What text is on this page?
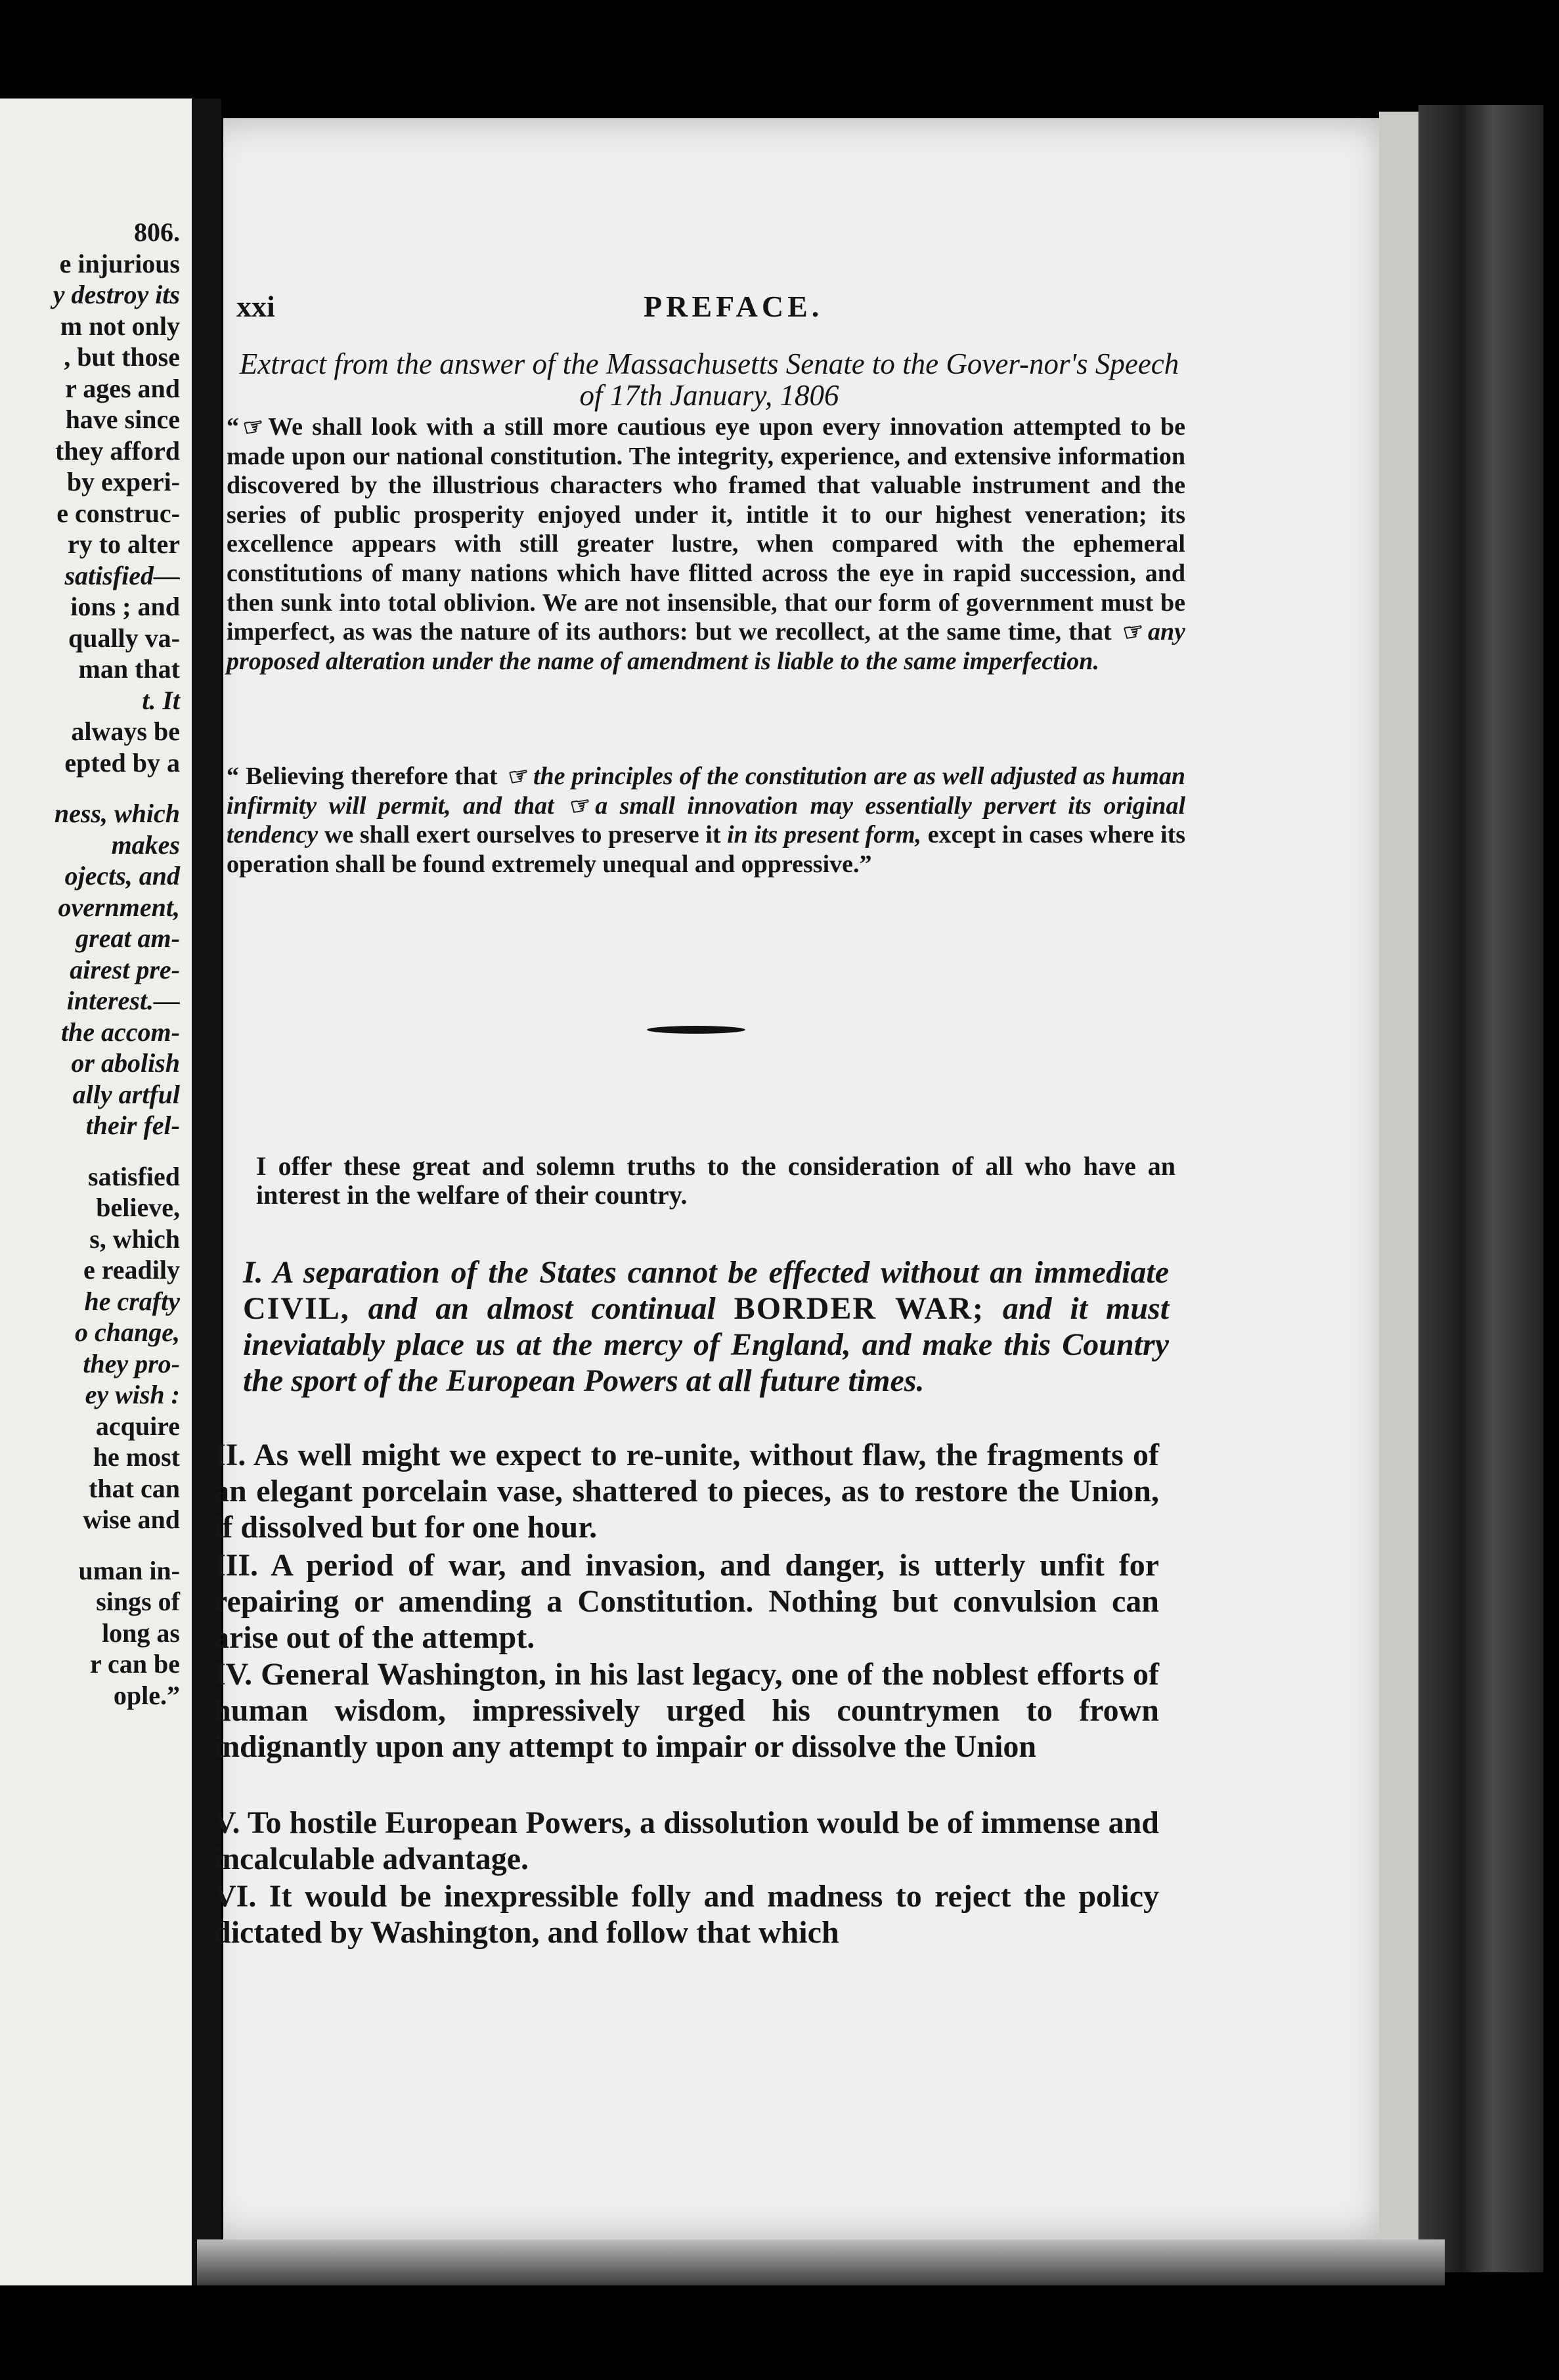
806.
e injurious
y destroy its
m not only
, but those
r ages and
have since
they afford
by experi-
e construc-
ry to alter
satisfied—
ions ; and
qually va-
man that
t. It
always be
epted by a
ness, which
makes
ojects, and
overnment,
great am-
airest pre-
interest.—
the accom-
or abolish
ally artful
their fel-
satisfied
believe,
s, which
e readily
he crafty
o change,
they pro-
ey wish :
acquire
he most
that can
wise and
uman in-
sings of
long as
r can be
ople.”
xxi	PREFACE.
Extract from the answer of the Massachusetts Senate to the Gover-nor's Speech of 17th January, 1806
“☞We shall look with a still more cautious eye upon every innovation attempted to be made upon our national constitution. The integrity, experience, and extensive information discovered by the illustrious characters who framed that valuable instrument and the series of public prosperity enjoyed under it, intitle it to our highest veneration; its excellence appears with still greater lustre, when compared with the ephemeral constitutions of many nations which have flitted across the eye in rapid succession, and then sunk into total oblivion. We are not insensible, that our form of government must be imperfect, as was the nature of its authors: but we recollect, at the same time, that ☞any proposed alteration under the name of amendment is liable to the same imperfection.
“ Believing therefore that ☞the principles of the constitution are as well adjusted as human infirmity will permit, and that ☞a small innovation may essentially pervert its original tendency we shall exert ourselves to preserve it in its present form, except in cases where its operation shall be found extremely unequal and oppressive.”
I offer these great and solemn truths to the consideration of all who have an interest in the welfare of their country.
I. A separation of the States cannot be effected without an immediate CIVIL, and an almost continual BORDER WAR; and it must ineviatably place us at the mercy of England, and make this Country the sport of the European Powers at all future times.
II. As well might we expect to re-unite, without flaw, the fragments of an elegant porcelain vase, shattered to pieces, as to restore the Union, if dissolved but for one hour.
III. A period of war, and invasion, and danger, is utterly unfit for repairing or amending a Constitution. Nothing but convulsion can arise out of the attempt.
IV. General Washington, in his last legacy, one of the noblest efforts of human wisdom, impressively urged his countrymen to frown indignantly upon any attempt to impair or dissolve the Union
V. To hostile European Powers, a dissolution would be of immense and incalculable advantage.
VI. It would be inexpressible folly and madness to reject the policy dictated by Washington, and follow that which
